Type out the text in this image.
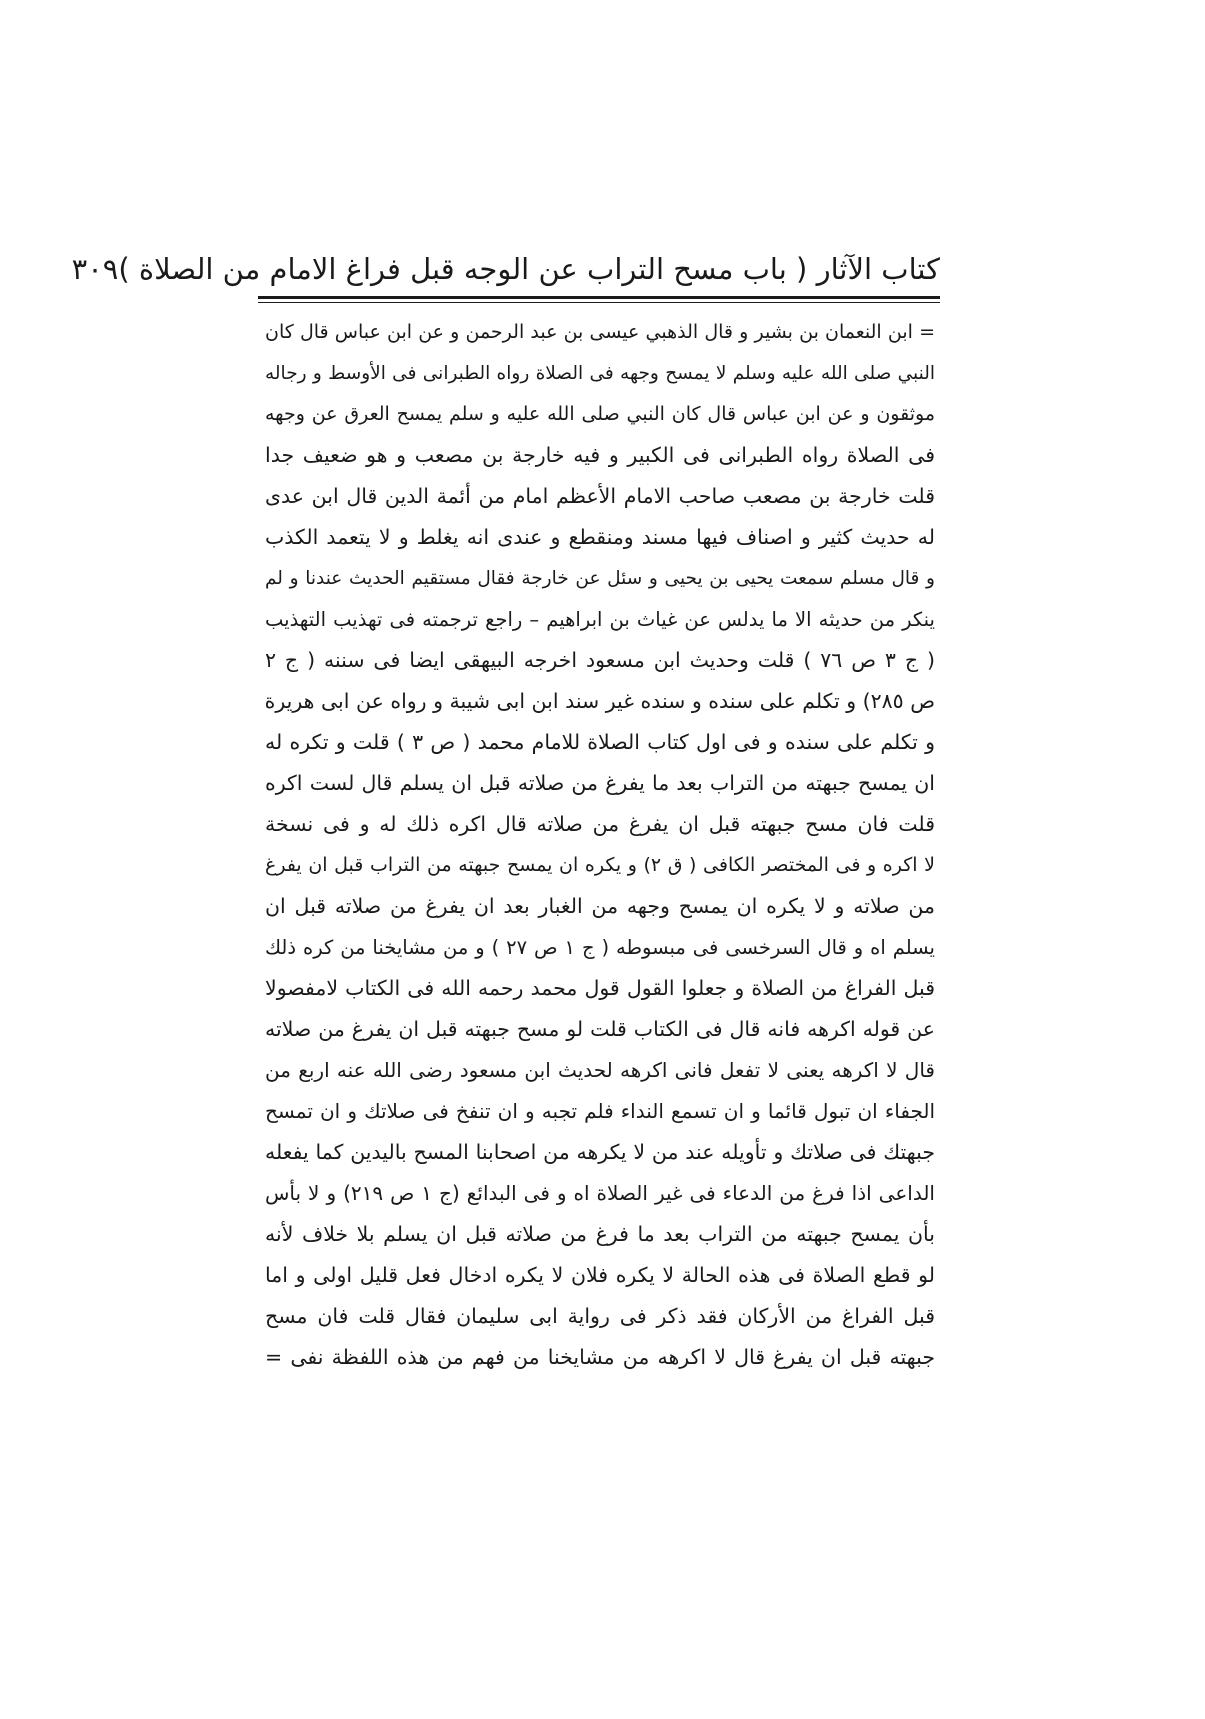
كتاب الآثار ( باب مسح التراب عن الوجه قبل فراغ الامام من الصلاة )
٣٠٩
= ابن النعمان بن بشير و قال الذهبي عيسى بن عبد الرحمن و عن ابن عباس قال كان
النبي صلى الله عليه وسلم لا يمسح وجهه فى الصلاة رواه الطبرانى فى الأوسط و رجاله
موثقون و عن ابن عباس قال كان النبي صلى الله عليه و سلم يمسح العرق عن وجهه
فى الصلاة رواه الطبرانى فى الكبير و فيه خارجة بن مصعب و هو ضعيف جدا
قلت خارجة بن مصعب صاحب الامام الأعظم امام من أئمة الدين قال ابن عدى
له حديث كثير و اصناف فيها مسند ومنقطع و عندى انه يغلط و لا يتعمد الكذب
و قال مسلم سمعت يحيى بن يحيى و سئل عن خارجة فقال مستقيم الحديث عندنا و لم
ينكر من حديثه الا ما يدلس عن غياث بن ابراهيم – راجع ترجمته فى تهذيب التهذيب
( ج ٣ ص ٧٦ ) قلت وحديث ابن مسعود اخرجه البيهقى ايضا فى سننه ( ج ٢
ص ٢٨٥) و تكلم على سنده و سنده غير سند ابن ابى شيبة و رواه عن ابى هريرة
و تكلم على سنده و فى اول كتاب الصلاة للامام محمد ( ص ٣ ) قلت و تكره له
ان يمسح جبهته من التراب بعد ما يفرغ من صلاته قبل ان يسلم قال لست اكره
قلت فان مسح جبهته قبل ان يفرغ من صلاته قال اكره ذلك له و فى نسخة
لا اكره و فى المختصر الكافى ( ق ٢) و يكره ان يمسح جبهته من التراب قبل ان يفرغ
من صلاته و لا يكره ان يمسح وجهه من الغبار بعد ان يفرغ من صلاته قبل ان
يسلم اه و قال السرخسى فى مبسوطه ( ج ١ ص ٢٧ ) و من مشايخنا من كره ذلك
قبل الفراغ من الصلاة و جعلوا القول قول محمد رحمه الله فى الكتاب لامفصولا
عن قوله اكرهه فانه قال فى الكتاب قلت لو مسح جبهته قبل ان يفرغ من صلاته
قال لا اكرهه يعنى لا تفعل فانى اكرهه لحديث ابن مسعود رضى الله عنه اربع من
الجفاء ان تبول قائما و ان تسمع النداء فلم تجبه و ان تنفخ فى صلاتك و ان تمسح
جبهتك فى صلاتك و تأويله عند من لا يكرهه من اصحابنا المسح باليدين كما يفعله
الداعى اذا فرغ من الدعاء فى غير الصلاة اه و فى البدائع (ج ١ ص ٢١٩) و لا بأس
بأن يمسح جبهته من التراب بعد ما فرغ من صلاته قبل ان يسلم بلا خلاف لأنه
لو قطع الصلاة فى هذه الحالة لا يكره فلان لا يكره ادخال فعل قليل اولى و اما
قبل الفراغ من الأركان فقد ذكر فى رواية ابى سليمان فقال قلت فان مسح
جبهته قبل ان يفرغ قال لا اكرهه من مشايخنا من فهم من هذه اللفظة نفى =
